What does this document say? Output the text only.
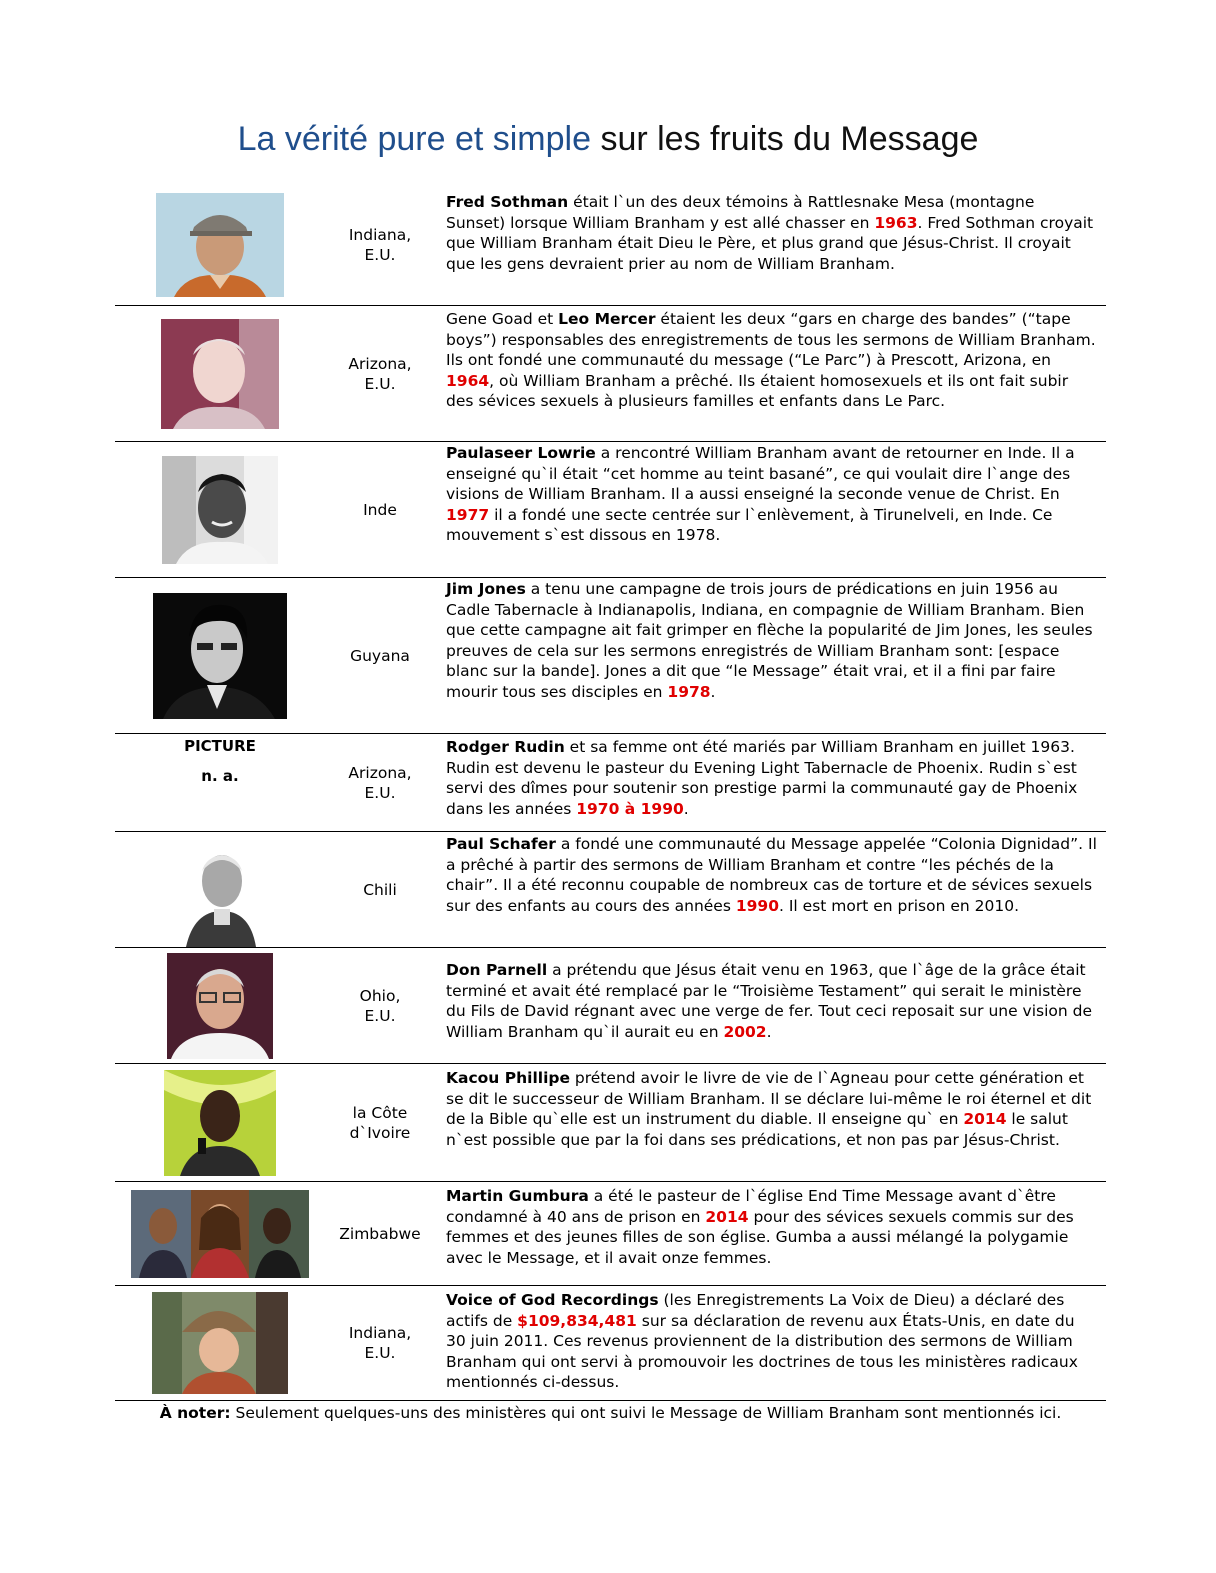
La vérité pure et simple sur les fruits du Message
Indiana,
E.U.
Fred Sothman était l`un des deux témoins à Rattlesnake Mesa (montagne Sunset) lorsque William Branham y est allé chasser en 1963. Fred Sothman croyait que William Branham était Dieu le Père, et plus grand que Jésus-Christ. Il croyait que les gens devraient prier au nom de William Branham.
Arizona,
E.U.
Gene Goad et Leo Mercer étaient les deux “gars en charge des bandes” (“tape boys”) responsables des enregistrements de tous les sermons de William Branham. Ils ont fondé une communauté du message (“Le Parc”) à Prescott, Arizona, en 1964, où William Branham a prêché. Ils étaient homosexuels et ils ont fait subir des sévices sexuels à plusieurs familles et enfants dans Le Parc.
Inde
Paulaseer Lowrie a rencontré William Branham avant de retourner en Inde. Il a enseigné qu`il était “cet homme au teint basané”, ce qui voulait dire l`ange des visions de William Branham. Il a aussi enseigné la seconde venue de Christ. En 1977 il a fondé une secte centrée sur l`enlèvement, à Tirunelveli, en Inde. Ce mouvement s`est dissous en 1978.
Guyana
Jim Jones a tenu une campagne de trois jours de prédications en juin 1956 au Cadle Tabernacle à Indianapolis, Indiana, en compagnie de William Branham. Bien que cette campagne ait fait grimper en flèche la popularité de Jim Jones, les seules preuves de cela sur les sermons enregistrés de William Branham sont: [espace blanc sur la bande]. Jones a dit que “le Message” était vrai, et il a fini par faire mourir tous ses disciples en 1978.
PICTURE
n. a.	Arizona,
E.U.
Rodger Rudin et sa femme ont été mariés par William Branham en juillet 1963. Rudin est devenu le pasteur du Evening Light Tabernacle de Phoenix. Rudin s`est servi des dîmes pour soutenir son prestige parmi la communauté gay de Phoenix dans les années 1970 à 1990.
Chili
Paul Schafer a fondé une communauté du Message appelée “Colonia Dignidad”. Il a prêché à partir des sermons de William Branham et contre “les péchés de la chair”. Il a été reconnu coupable de nombreux cas de torture et de sévices sexuels sur des enfants au cours des années 1990. Il est mort en prison en 2010.
Ohio,
E.U.
Don Parnell a prétendu que Jésus était venu en 1963, que l`âge de la grâce était terminé et avait été remplacé par le “Troisième Testament” qui serait le ministère du Fils de David régnant avec une verge de fer. Tout ceci reposait sur une vision de William Branham qu`il aurait eu en 2002.
la Côte
d`Ivoire
Kacou Phillipe prétend avoir le livre de vie de l`Agneau pour cette génération et se dit le successeur de William Branham. Il se déclare lui-même le roi éternel et dit de la Bible qu`elle est un instrument du diable. Il enseigne qu` en 2014 le salut n`est possible que par la foi dans ses prédications, et non pas par Jésus-Christ.
Zimbabwe
Martin Gumbura a été le pasteur de l`église End Time Message avant d`être condamné à 40 ans de prison en 2014 pour des sévices sexuels commis sur des femmes et des jeunes filles de son église. Gumba a aussi mélangé la polygamie avec le Message, et il avait onze femmes.
Indiana,
E.U.
Voice of God Recordings (les Enregistrements La Voix de Dieu) a déclaré des actifs de $109,834,481 sur sa déclaration de revenu aux États-Unis, en date du 30 juin 2011. Ces revenus proviennent de la distribution des sermons de William Branham qui ont servi à promouvoir les doctrines de tous les ministères radicaux mentionnés ci-dessus.
À noter: Seulement quelques-uns des ministères qui ont suivi le Message de William Branham sont mentionnés ici.
